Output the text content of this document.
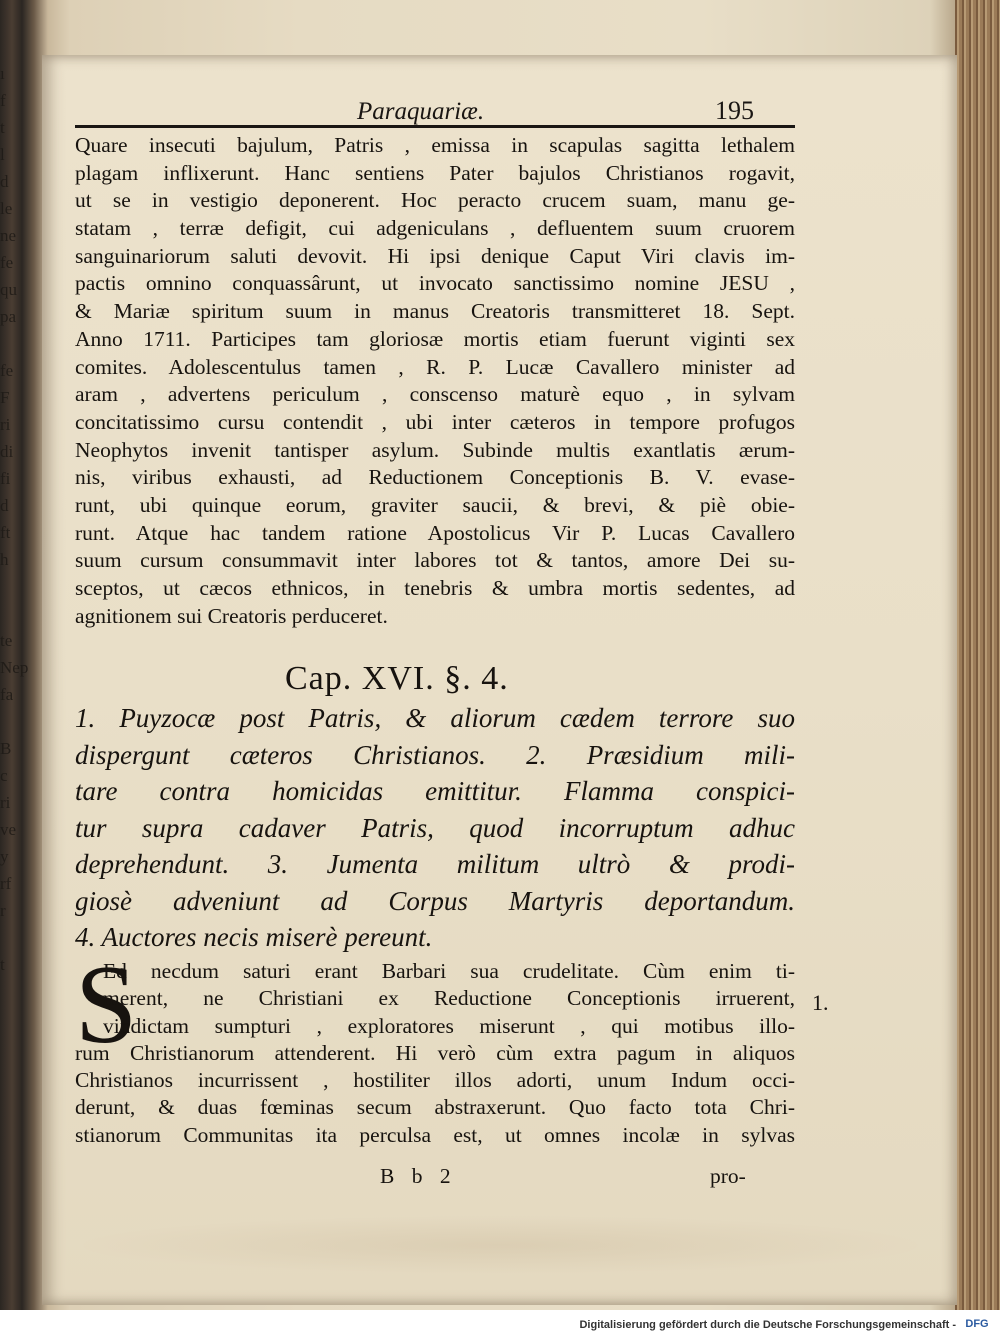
ı
f
t
l
d
le
ne
fe
qu
pa

fe
F
ri
di
fi
d
ft
h

te
Nep
fa

B
c
ri
ve
y
rf
r

t
Paraquariæ.	195
Quare insecuti bajulum, Patris , emissa in scapulas sagitta lethalem
plagam inflixerunt. Hanc sentiens Pater bajulos Christianos rogavit,
ut se in vestigio deponerent. Hoc peracto crucem suam, manu ge-
statam , terræ defigit, cui adgeniculans , defluentem suum cruorem
sanguinariorum saluti devovit. Hi ipsi denique Caput Viri clavis im-
pactis omnino conquassârunt, ut invocato sanctissimo nomine JESU ,
& Mariæ spiritum suum in manus Creatoris transmitteret 18. Sept.
Anno 1711. Participes tam gloriosæ mortis etiam fuerunt viginti sex
comites. Adolescentulus tamen , R. P. Lucæ Cavallero minister ad
aram , advertens periculum , conscenso maturè equo , in sylvam
concitatissimo cursu contendit , ubi inter cæteros in tempore profugos
Neophytos invenit tantisper asylum. Subinde multis exantlatis ærum-
nis, viribus exhausti, ad Reductionem Conceptionis B. V. evase-
runt, ubi quinque eorum, graviter saucii, & brevi, & piè obie-
runt. Atque hac tandem ratione Apostolicus Vir P. Lucas Cavallero
suum cursum consummavit inter labores tot & tantos, amore Dei su-
sceptos, ut cæcos ethnicos, in tenebris & umbra mortis sedentes, ad
agnitionem sui Creatoris perduceret.
Cap. XVI. §. 4.
1. Puyzocæ post Patris, & aliorum cædem terrore suo
dispergunt cæteros Christianos. 2. Præsidium mili-
tare contra homicidas emittitur. Flamma conspici-
tur supra cadaver Patris, quod incorruptum adhuc
deprehendunt. 3. Jumenta militum ultrò & prodi-
giosè adveniunt ad Corpus Martyris deportandum.
4. Auctores necis miserè pereunt.
S
Ed necdum saturi erant Barbari sua crudelitate. Cùm enim ti-
merent, ne Christiani ex Reductione Conceptionis irruerent,
vindictam sumpturi , exploratores miserunt , qui motibus illo-
rum Christianorum attenderent. Hi verò cùm extra pagum in aliquos
Christianos incurrissent , hostiliter illos adorti, unum Indum occi-
derunt, & duas fœminas secum abstraxerunt. Quo facto tota Chri-
stianorum Communitas ita perculsa est, ut omnes incolæ in sylvas
1.
B b 2	pro-
Digitalisierung gefördert durch die Deutsche Forschungsgemeinschaft - DFG
